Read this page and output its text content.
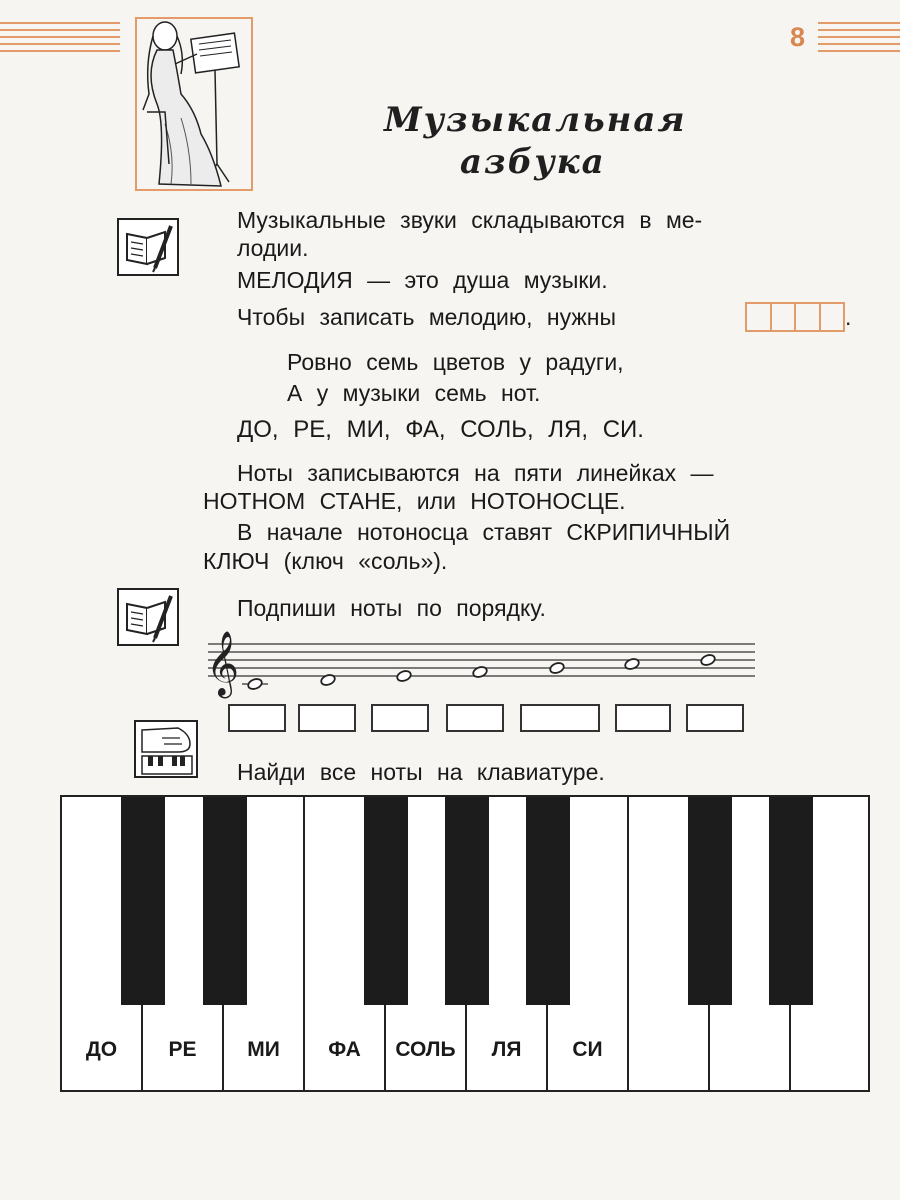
8
Музыкальная
азбука
Музыкальные звуки складываются в ме-
лодии.
МЕЛОДИЯ — это душа музыки.
Чтобы записать мелодию, нужны	.
Ровно семь цветов у радуги,
А у музыки семь нот.
ДО, РЕ, МИ, ФА, СОЛЬ, ЛЯ, СИ.
Ноты записываются на пяти линейках —
НОТНОМ СТАНЕ, или НОТОНОСЦЕ.
В начале нотоносца ставят СКРИПИЧНЫЙ
КЛЮЧ (ключ «соль»).
Подпиши ноты по порядку.
𝄞
Найди все ноты на клавиатуре.
ДО	РЕ	МИ	ФА	СОЛЬ	ЛЯ	СИ
